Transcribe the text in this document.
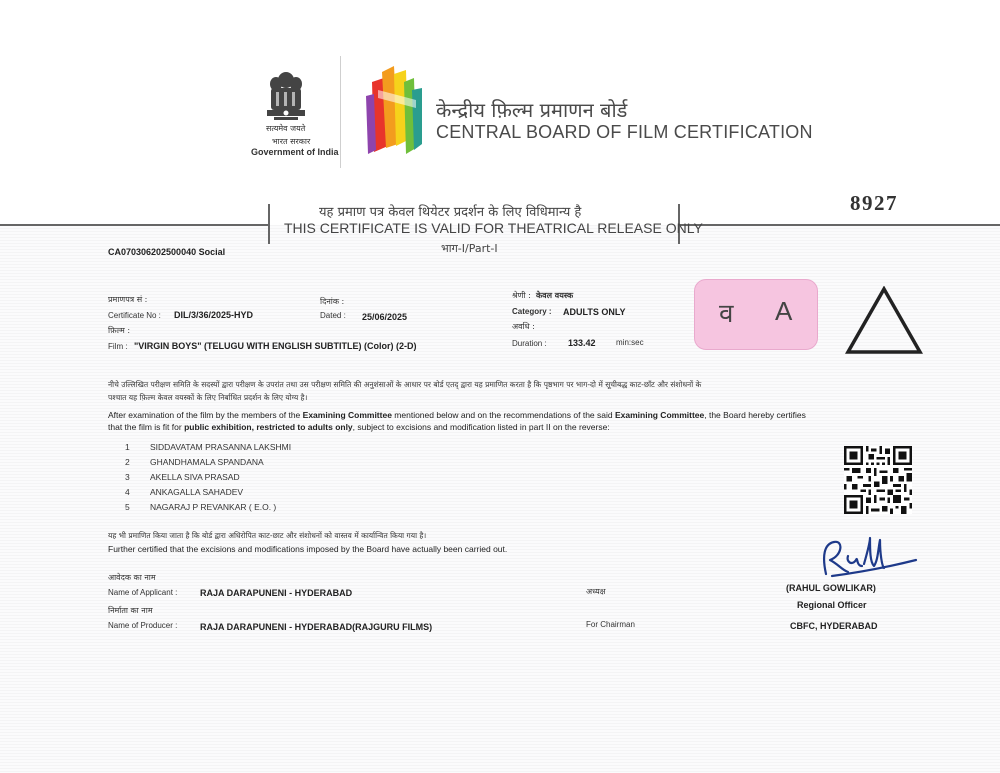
सत्यमेव जयते
भारत सरकार
Government of India
केन्द्रीय फ़िल्म प्रमाणन बोर्ड
CENTRAL BOARD OF FILM CERTIFICATION
यह प्रमाण पत्र केवल थियेटर प्रदर्शन के लिए विधिमान्य है
THIS CERTIFICATE IS VALID FOR THEATRICAL RELEASE ONLY
भाग-I/Part-I
8927
CA070306202500040 Social
प्रमाणपत्र सं :
Certificate No : DIL/3/36/2025-HYD
दिनांक :
Dated : 25/06/2025
श्रेणी : केवल वयस्क
Category : ADULTS ONLY
अवधि :
Duration : 133.42	min:sec
फ़िल्म :
Film : "VIRGIN BOYS" (TELUGU WITH ENGLISH SUBTITLE) (Color) (2-D)
व A
नीचे उल्लिखित परीक्षण समिति के सदस्यों द्वारा परीक्षण के उपरांत तथा उस परीक्षण समिति की अनुशंसाओं के आधार पर बोर्ड एतद् द्वारा यह प्रमाणित करता है कि पृष्ठभाग पर भाग-दो में सूचीबद्ध काट-छाँट और संशोधनों के
पश्चात यह फ़िल्म केवल वयस्कों के लिए निर्बाधित प्रदर्शन के लिए योग्य है।
After examination of the film by the members of the Examining Committee mentioned below and on the recommendations of the said Examining Committee, the Board hereby certifies
that the film is fit for public exhibition, restricted to adults only, subject to excisions and modification listed in part II on the reverse:
1 SIDDAVATAM PRASANNA LAKSHMI
2 GHANDHAMALA SPANDANA
3 AKELLA SIVA PRASAD
4 ANKAGALLA SAHADEV
5 NAGARAJ P REVANKAR ( E.O. )
यह भी प्रमाणित किया जाता है कि बोर्ड द्वारा अधिरोपित काट-छाट और संशोधनों को वास्तव में कार्यान्वित किया गया है।
Further certified that the excisions and modifications imposed by the Board have actually been carried out.
आवेदक का नाम
Name of Applicant :	RAJA DARAPUNENI - HYDERABAD
निर्माता का नाम
Name of Producer :	RAJA DARAPUNENI - HYDERABAD(RAJGURU FILMS)
अध्यक्ष
For Chairman
(RAHUL GOWLIKAR)
Regional Officer
CBFC, HYDERABAD
